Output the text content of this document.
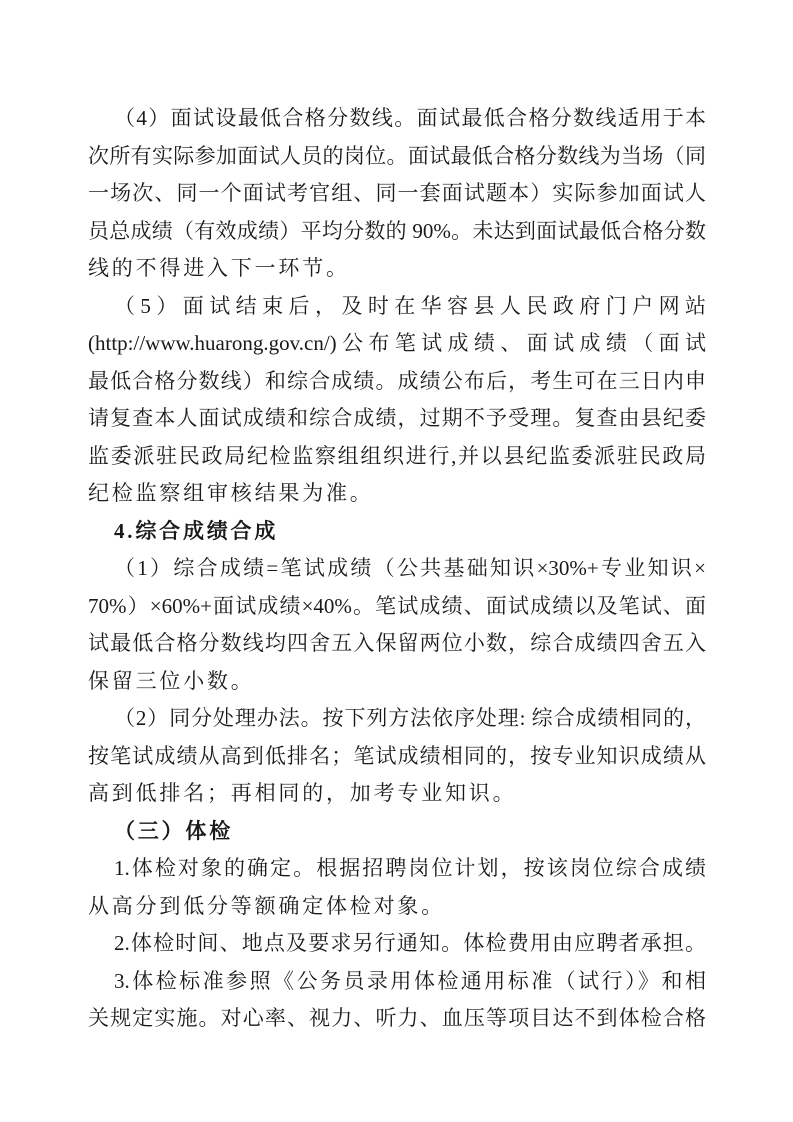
（4）面试设最低合格分数线。面试最低合格分数线适用于本
次所有实际参加面试人员的岗位。面试最低合格分数线为当场（同
一场次、同一个面试考官组、同一套面试题本）实际参加面试人
员总成绩（有效成绩）平均分数的 90%。未达到面试最低合格分数
线的不得进入下一环节。
（5）面试结束后，及时在华容县人民政府门户网站
(http://www.huarong.gov.cn/)公布笔试成绩、面试成绩（面试
最低合格分数线）和综合成绩。成绩公布后，考生可在三日内申
请复查本人面试成绩和综合成绩，过期不予受理。复查由县纪委
监委派驻民政局纪检监察组组织进行,并以县纪监委派驻民政局
纪检监察组审核结果为准。
4.综合成绩合成
（1）综合成绩=笔试成绩（公共基础知识×30%+专业知识×
70%）×60%+面试成绩×40%。笔试成绩、面试成绩以及笔试、面
试最低合格分数线均四舍五入保留两位小数，综合成绩四舍五入
保留三位小数。
（2）同分处理办法。按下列方法依序处理: 综合成绩相同的，
按笔试成绩从高到低排名；笔试成绩相同的，按专业知识成绩从
高到低排名；再相同的，加考专业知识。
（三）体检
1.体检对象的确定。根据招聘岗位计划，按该岗位综合成绩
从高分到低分等额确定体检对象。
2.体检时间、地点及要求另行通知。体检费用由应聘者承担。
3.体检标准参照《公务员录用体检通用标准（试行）》和相
关规定实施。对心率、视力、听力、血压等项目达不到体检合格
